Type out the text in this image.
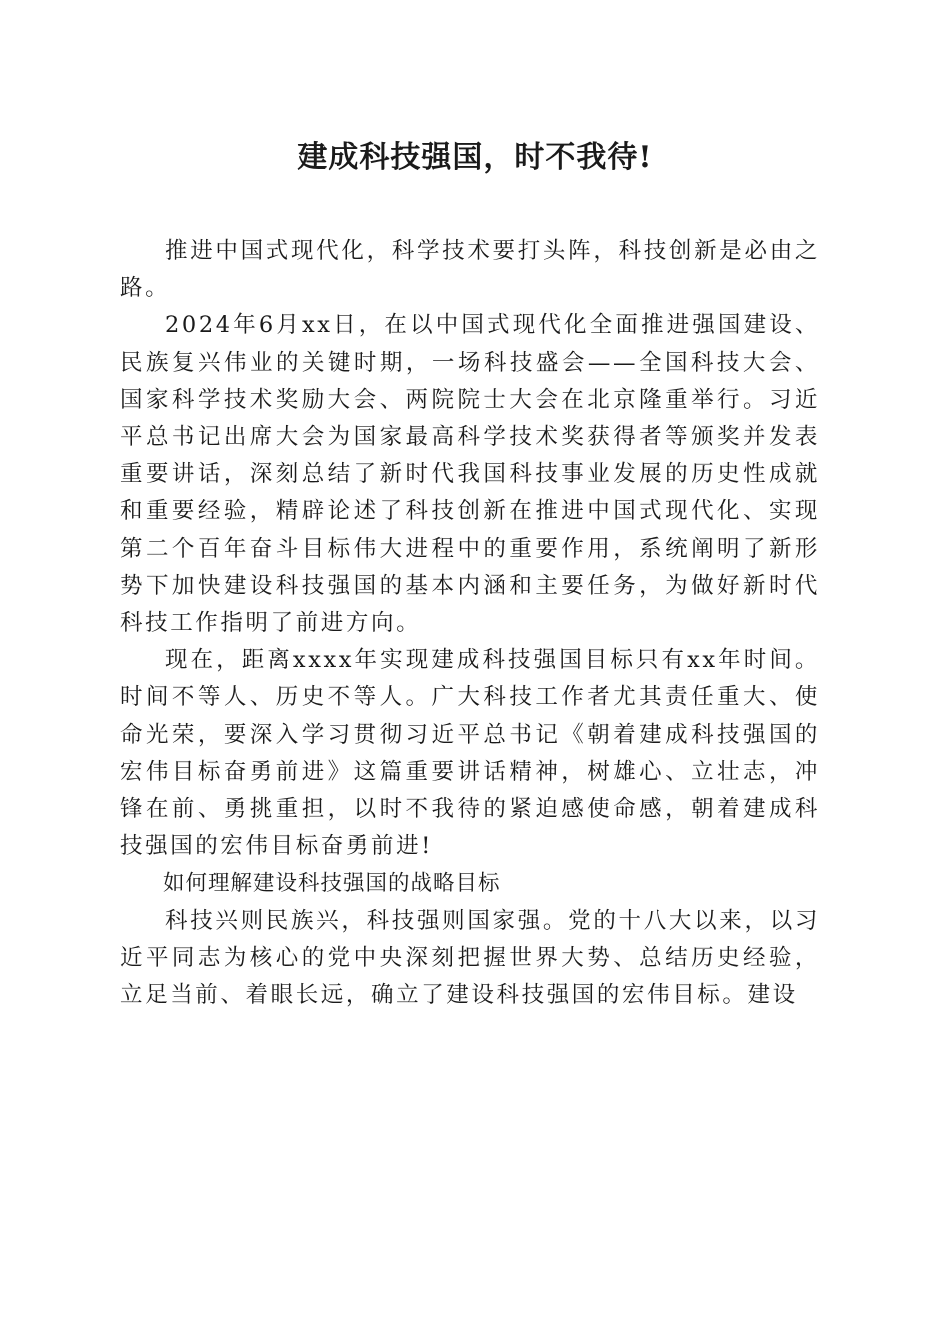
建成科技强国，时不我待!

推进中国式现代化，科学技术要打头阵，科技创新是必由之路。

2024年6月xx日，在以中国式现代化全面推进强国建设、民族复兴伟业的关键时期，一场科技盛会——全国科技大会、国家科学技术奖励大会、两院院士大会在北京隆重举行。习近平总书记出席大会为国家最高科学技术奖获得者等颁奖并发表重要讲话，深刻总结了新时代我国科技事业发展的历史性成就和重要经验，精辟论述了科技创新在推进中国式现代化、实现第二个百年奋斗目标伟大进程中的重要作用，系统阐明了新形势下加快建设科技强国的基本内涵和主要任务，为做好新时代科技工作指明了前进方向。

现在，距离xxxx年实现建成科技强国目标只有xx年时间。时间不等人、历史不等人。广大科技工作者尤其责任重大、使命光荣，要深入学习贯彻习近平总书记《朝着建成科技强国的宏伟目标奋勇前进》这篇重要讲话精神，树雄心、立壮志，冲锋在前、勇挑重担，以时不我待的紧迫感使命感，朝着建成科技强国的宏伟目标奋勇前进!

如何理解建设科技强国的战略目标

科技兴则民族兴，科技强则国家强。党的十八大以来，以习近平同志为核心的党中央深刻把握世界大势、总结历史经验，立足当前、着眼长远，确立了建设科技强国的宏伟目标。建设
